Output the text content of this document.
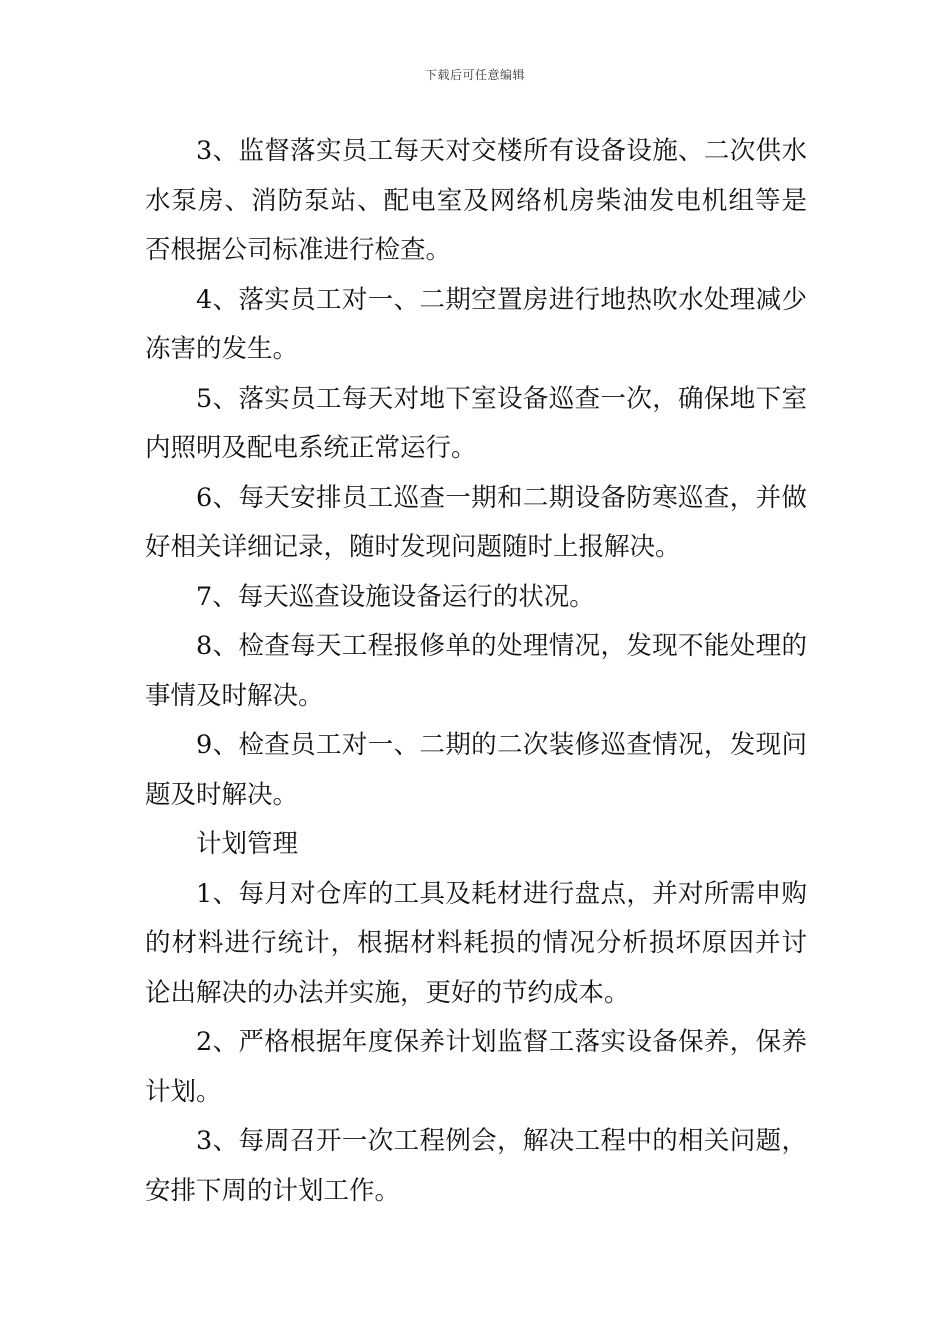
下载后可任意编辑

3、监督落实员工每天对交楼所有设备设施、二次供水水泵房、消防泵站、配电室及网络机房柴油发电机组等是否根据公司标准进行检查。

4、落实员工对一、二期空置房进行地热吹水处理减少冻害的发生。

5、落实员工每天对地下室设备巡查一次，确保地下室内照明及配电系统正常运行。

6、每天安排员工巡查一期和二期设备防寒巡查，并做好相关详细记录，随时发现问题随时上报解决。

7、每天巡查设施设备运行的状况。

8、检查每天工程报修单的处理情况，发现不能处理的事情及时解决。

9、检查员工对一、二期的二次装修巡查情况，发现问题及时解决。

计划管理

1、每月对仓库的工具及耗材进行盘点，并对所需申购的材料进行统计，根据材料耗损的情况分析损坏原因并讨论出解决的办法并实施，更好的节约成本。

2、严格根据年度保养计划监督工落实设备保养，保养计划。

3、每周召开一次工程例会，解决工程中的相关问题，安排下周的计划工作。
